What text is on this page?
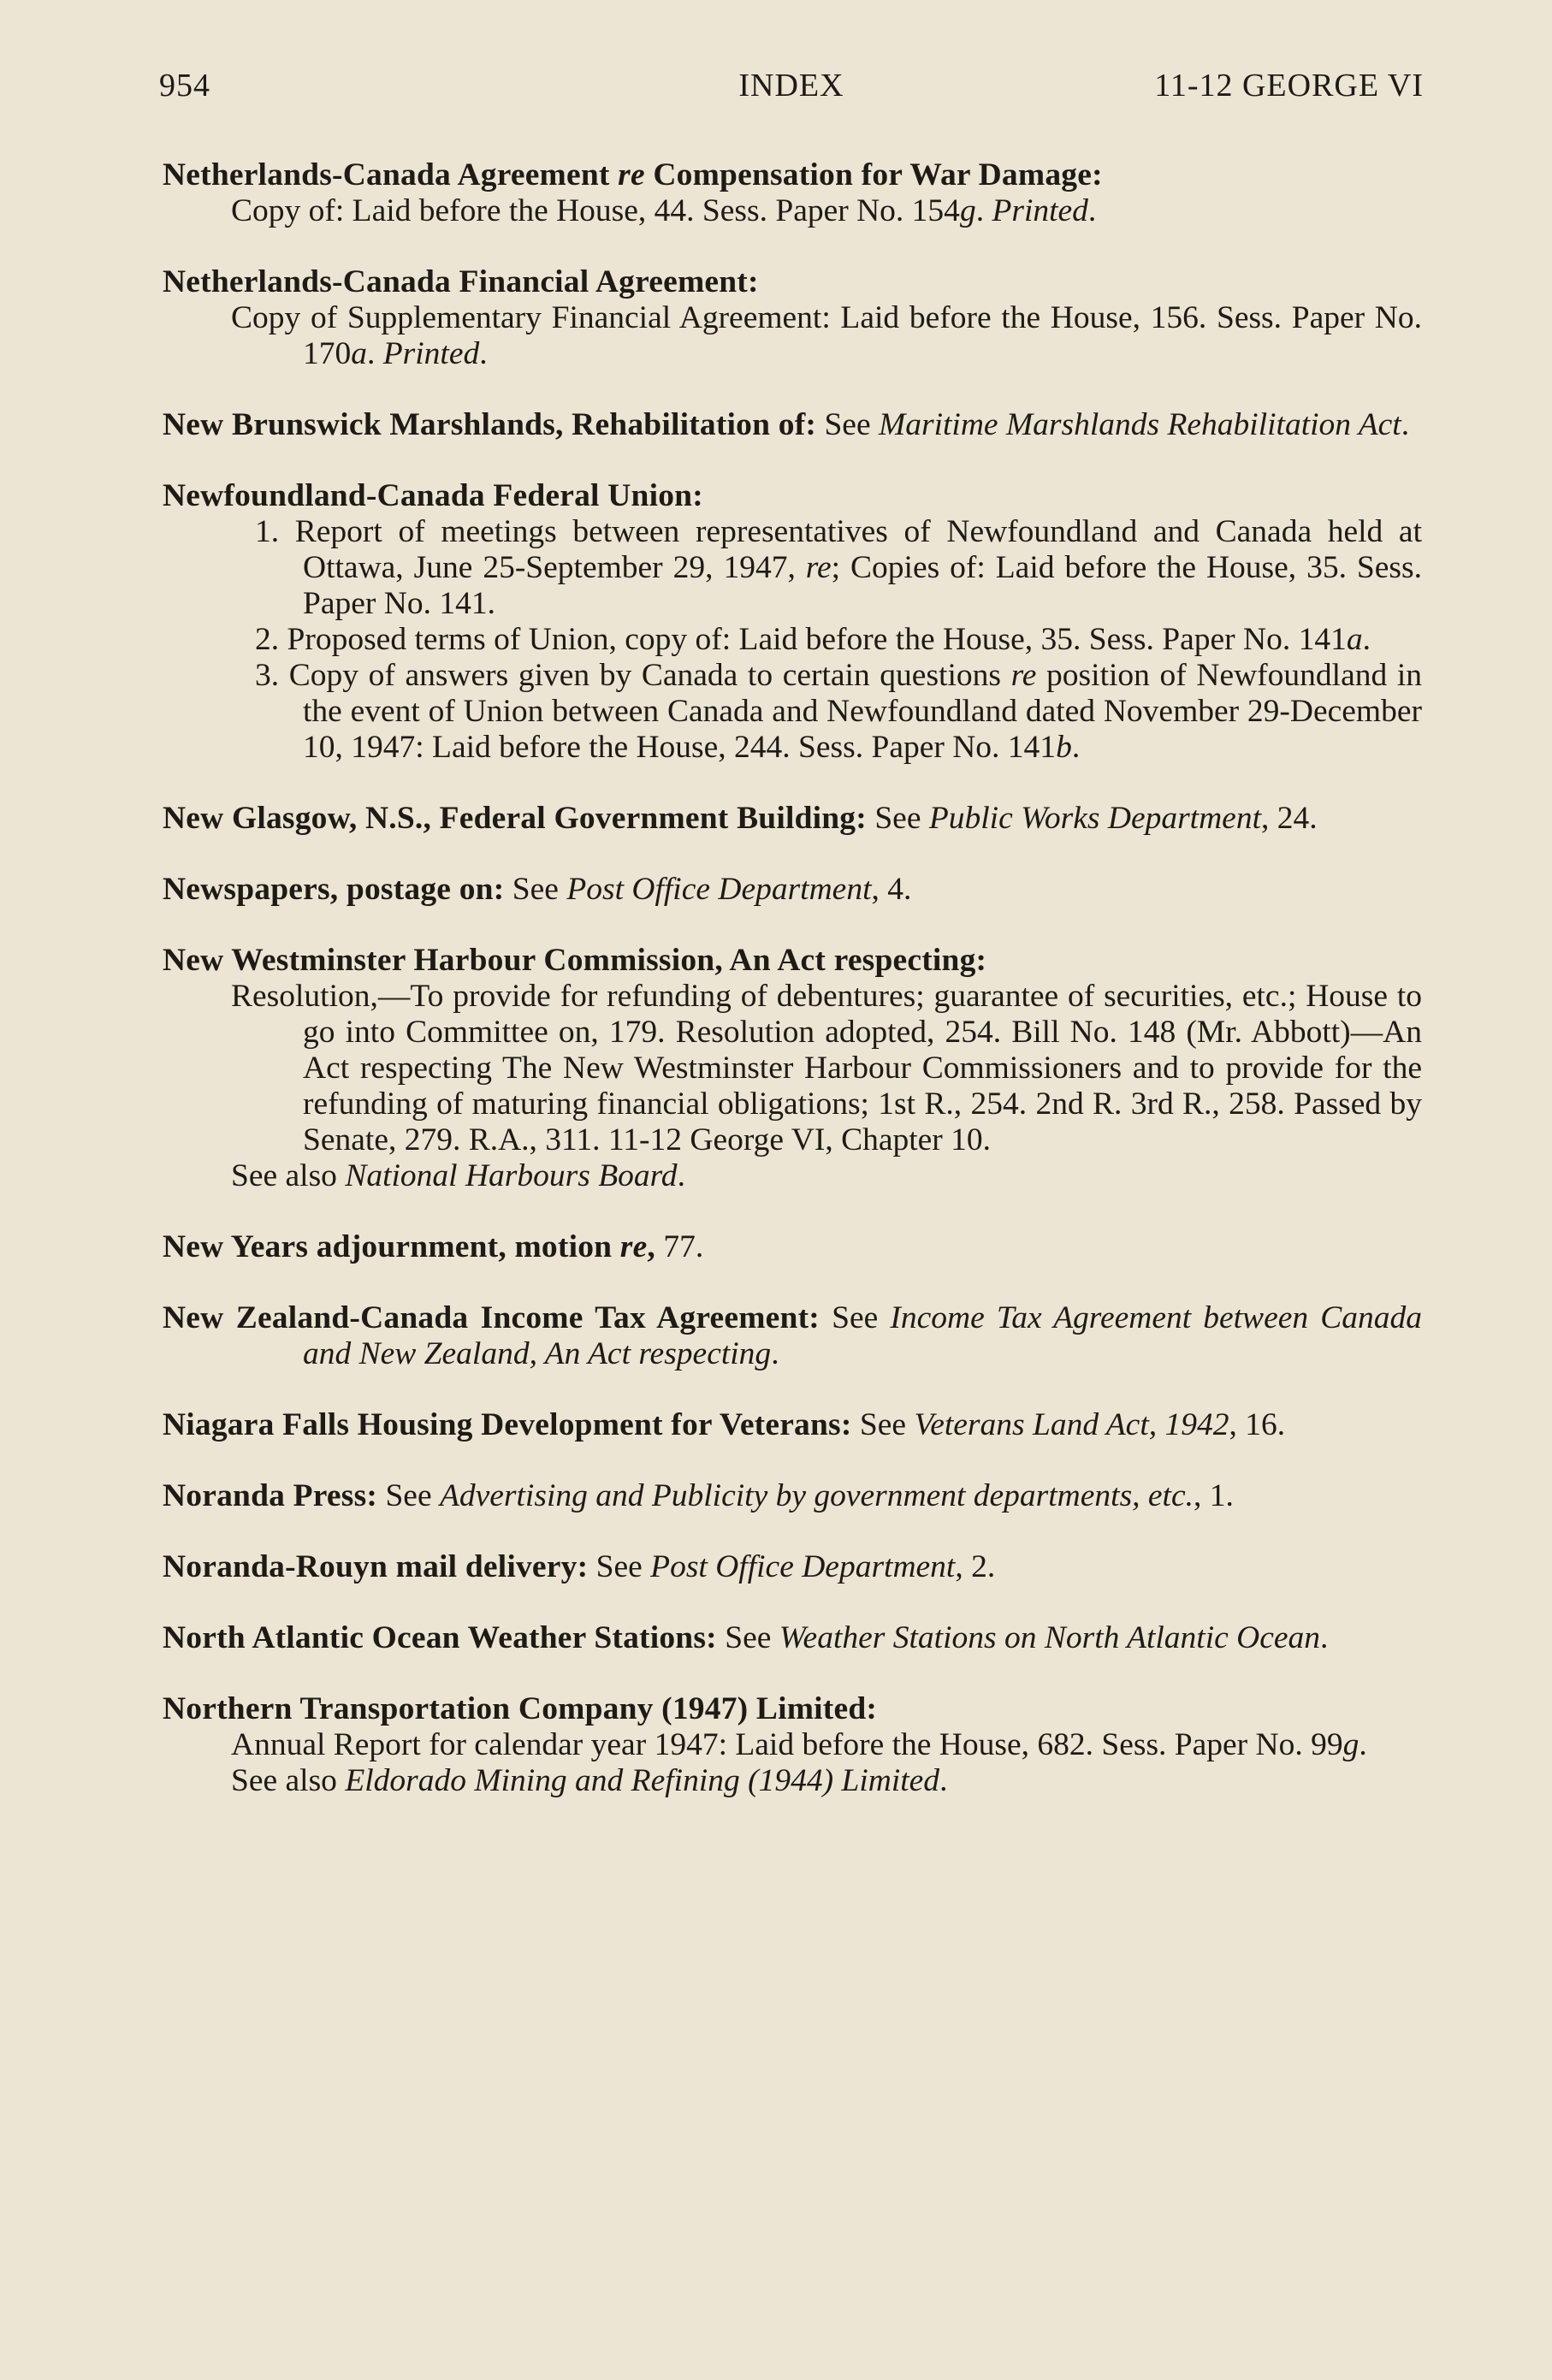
954	INDEX	11-12 GEORGE VI

Netherlands-Canada Agreement re Compensation for War Damage:

Copy of: Laid before the House, 44. Sess. Paper No. 154g. Printed.

Netherlands-Canada Financial Agreement:

Copy of Supplementary Financial Agreement: Laid before the House, 156. Sess. Paper No. 170a. Printed.

New Brunswick Marshlands, Rehabilitation of: See Maritime Marshlands Rehabilitation Act.

Newfoundland-Canada Federal Union:

1. Report of meetings between representatives of Newfoundland and Canada held at Ottawa, June 25-September 29, 1947, re; Copies of: Laid before the House, 35. Sess. Paper No. 141.

2. Proposed terms of Union, copy of: Laid before the House, 35. Sess. Paper No. 141a.

3. Copy of answers given by Canada to certain questions re position of Newfoundland in the event of Union between Canada and Newfoundland dated November 29-December 10, 1947: Laid before the House, 244. Sess. Paper No. 141b.

New Glasgow, N.S., Federal Government Building: See Public Works Department, 24.

Newspapers, postage on: See Post Office Department, 4.

New Westminster Harbour Commission, An Act respecting:

Resolution,—To provide for refunding of debentures; guarantee of securities, etc.; House to go into Committee on, 179. Resolution adopted, 254. Bill No. 148 (Mr. Abbott)—An Act respecting The New Westminster Harbour Commissioners and to provide for the refunding of maturing financial obligations; 1st R., 254. 2nd R. 3rd R., 258. Passed by Senate, 279. R.A., 311. 11-12 George VI, Chapter 10.

See also National Harbours Board.

New Years adjournment, motion re, 77.

New Zealand-Canada Income Tax Agreement: See Income Tax Agreement between Canada and New Zealand, An Act respecting.

Niagara Falls Housing Development for Veterans: See Veterans Land Act, 1942, 16.

Noranda Press: See Advertising and Publicity by government departments, etc., 1.

Noranda-Rouyn mail delivery: See Post Office Department, 2.

North Atlantic Ocean Weather Stations: See Weather Stations on North Atlantic Ocean.

Northern Transportation Company (1947) Limited:

Annual Report for calendar year 1947: Laid before the House, 682. Sess. Paper No. 99g.

See also Eldorado Mining and Refining (1944) Limited.
